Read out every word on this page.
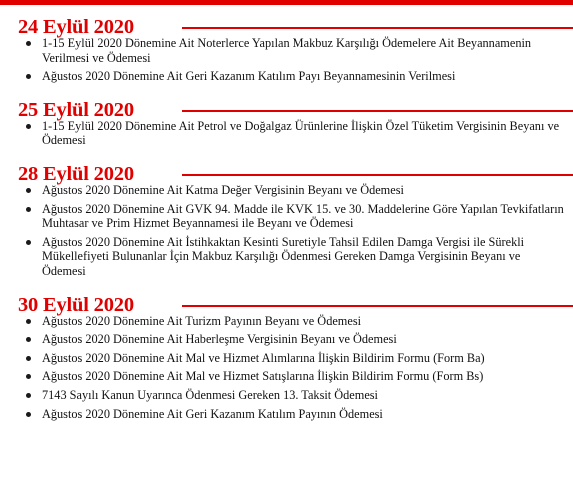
24 Eylül 2020
1-15 Eylül 2020 Dönemine Ait Noterlerce Yapılan Makbuz Karşılığı Ödemelere Ait Beyannamenin Verilmesi ve Ödemesi
Ağustos 2020 Dönemine Ait Geri Kazanım Katılım Payı Beyannamesinin Verilmesi
25 Eylül 2020
1-15 Eylül 2020 Dönemine Ait Petrol ve Doğalgaz Ürünlerine İlişkin Özel Tüketim Vergisinin Beyanı ve Ödemesi
28 Eylül 2020
Ağustos 2020 Dönemine Ait Katma Değer Vergisinin Beyanı ve Ödemesi
Ağustos 2020 Dönemine Ait GVK 94. Madde ile KVK 15. ve 30. Maddelerine Göre Yapılan Tevkifatların Muhtasar ve Prim Hizmet Beyannamesi ile Beyanı ve Ödemesi
Ağustos 2020 Dönemine Ait İstihkaktan Kesinti Suretiyle Tahsil Edilen Damga Vergisi ile Sürekli Mükellefiyeti Bulunanlar İçin Makbuz Karşılığı Ödenmesi Gereken Damga Vergisinin Beyanı ve Ödemesi
30 Eylül 2020
Ağustos 2020 Dönemine Ait Turizm Payının Beyanı ve Ödemesi
Ağustos 2020 Dönemine Ait Haberleşme Vergisinin Beyanı ve Ödemesi
Ağustos 2020 Dönemine Ait Mal ve Hizmet Alımlarına İlişkin Bildirim Formu (Form Ba)
Ağustos 2020 Dönemine Ait Mal ve Hizmet Satışlarına İlişkin Bildirim Formu (Form Bs)
7143 Sayılı Kanun Uyarınca Ödenmesi Gereken 13. Taksit Ödemesi
Ağustos 2020 Dönemine Ait Geri Kazanım Katılım Payının Ödemesi
